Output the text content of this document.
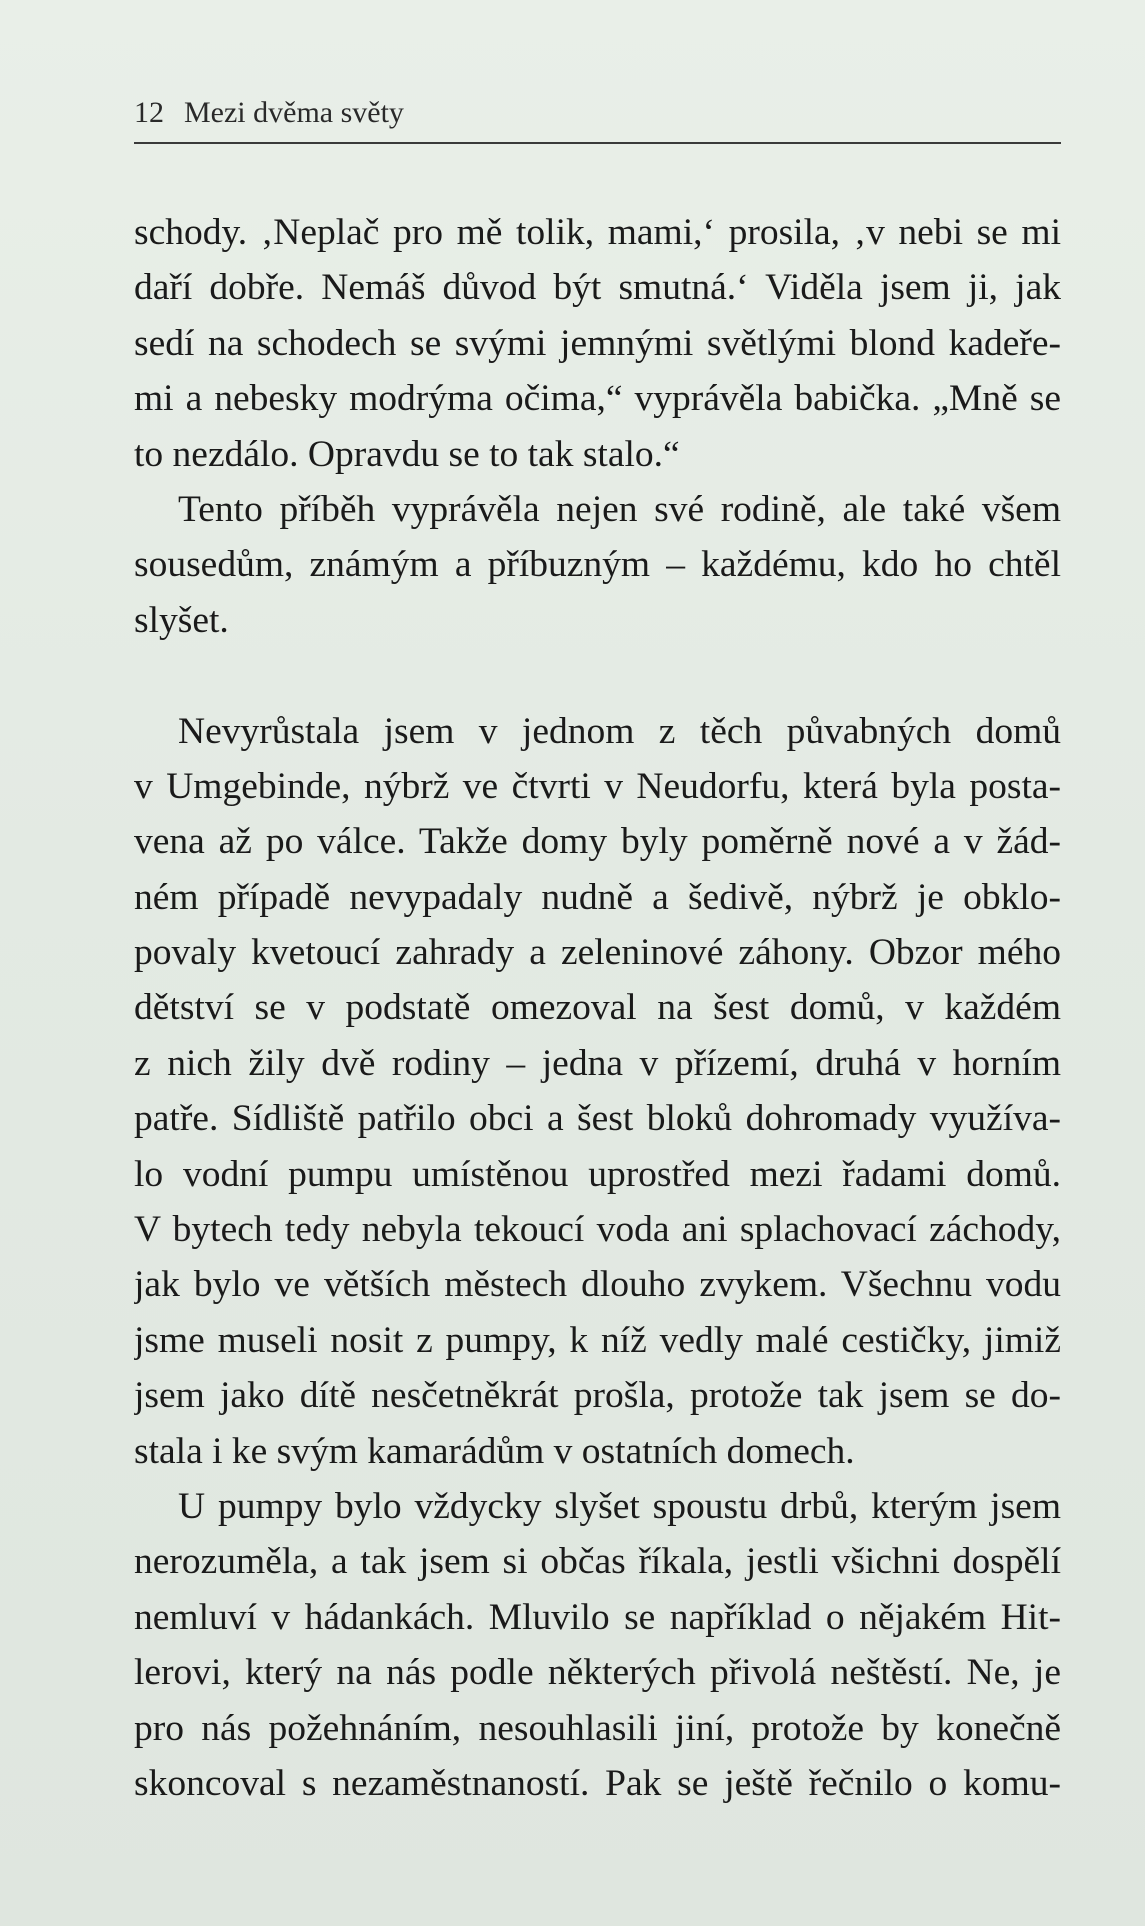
12 Mezi dvěma světy
schody. ‚Neplač pro mě tolik, mami,‘ prosila, ‚v nebi se mi
daří dobře. Nemáš důvod být smutná.‘ Viděla jsem ji, jak
sedí na schodech se svými jemnými světlými blond kadeře-
mi a nebesky modrýma očima,“ vyprávěla babička. „Mně se
to nezdálo. Opravdu se to tak stalo.“
Tento příběh vyprávěla nejen své rodině, ale také všem
sousedům, známým a příbuzným – každému, kdo ho chtěl
slyšet.
Nevyrůstala jsem v jednom z těch půvabných domů
v Umgebinde, nýbrž ve čtvrti v Neudorfu, která byla posta-
vena až po válce. Takže domy byly poměrně nové a v žád-
ném případě nevypadaly nudně a šedivě, nýbrž je obklo-
povaly kvetoucí zahrady a zeleninové záhony. Obzor mého
dětství se v podstatě omezoval na šest domů, v každém
z nich žily dvě rodiny – jedna v přízemí, druhá v horním
patře. Sídliště patřilo obci a šest bloků dohromady využíva-
lo vodní pumpu umístěnou uprostřed mezi řadami domů.
V bytech tedy nebyla tekoucí voda ani splachovací záchody,
jak bylo ve větších městech dlouho zvykem. Všechnu vodu
jsme museli nosit z pumpy, k níž vedly malé cestičky, jimiž
jsem jako dítě nesčetněkrát prošla, protože tak jsem se do-
stala i ke svým kamarádům v ostatních domech.
U pumpy bylo vždycky slyšet spoustu drbů, kterým jsem
nerozuměla, a tak jsem si občas říkala, jestli všichni dospělí
nemluví v hádankách. Mluvilo se například o nějakém Hit-
lerovi, který na nás podle některých přivolá neštěstí. Ne, je
pro nás požehnáním, nesouhlasili jiní, protože by konečně
skoncoval s nezaměstnaností. Pak se ještě řečnilo o komu-
